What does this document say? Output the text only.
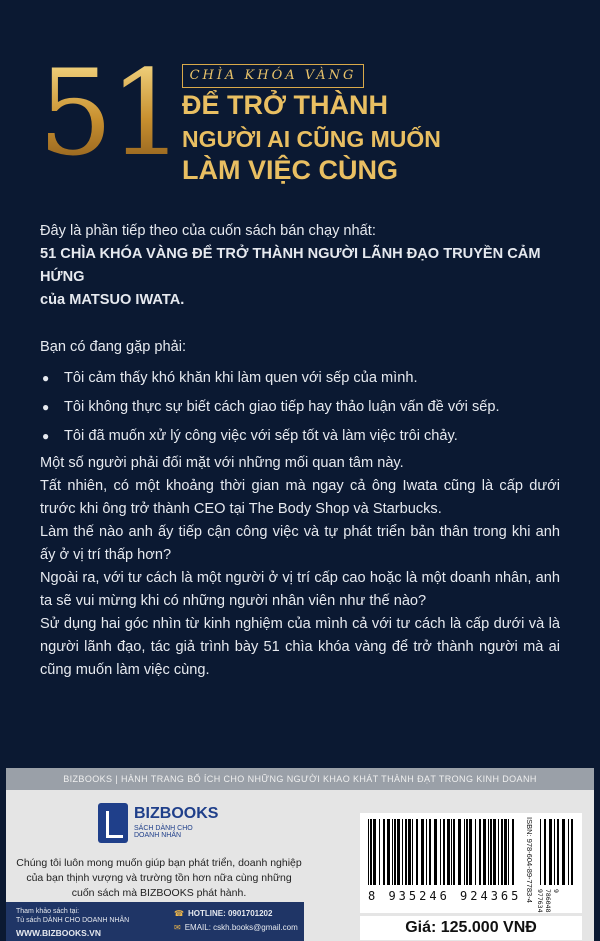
51 CHÌA KHÓA VÀNG
ĐỂ TRỞ THÀNH
NGƯỜI AI CŨNG MUỐN
LÀM VIỆC CÙNG

Đây là phần tiếp theo của cuốn sách bán chạy nhất:

51 CHÌA KHÓA VÀNG ĐỂ TRỞ THÀNH NGƯỜI LÃNH ĐẠO TRUYỀN CẢM HỨNG

của MATSUO IWATA.

Bạn có đang gặp phải:

● Tôi cảm thấy khó khăn khi làm quen với sếp của mình.
● Tôi không thực sự biết cách giao tiếp hay thảo luận vấn đề với sếp.
● Tôi đã muốn xử lý công việc với sếp tốt và làm việc trôi chảy.

Một số người phải đối mặt với những mối quan tâm này.

Tất nhiên, có một khoảng thời gian mà ngay cả ông Iwata cũng là cấp dưới trước khi ông trở thành CEO tại The Body Shop và Starbucks.

Làm thế nào anh ấy tiếp cận công việc và tự phát triển bản thân trong khi anh ấy ở vị trí thấp hơn?

Ngoài ra, với tư cách là một người ở vị trí cấp cao hoặc là một doanh nhân, anh ta sẽ vui mừng khi có những người nhân viên như thế nào?

Sử dụng hai góc nhìn từ kinh nghiệm của mình cả với tư cách là cấp dưới và là người lãnh đạo, tác giả trình bày 51 chìa khóa vàng để trở thành người mà ai cũng muốn làm việc cùng.

BIZBOOKS | HÀNH TRANG BỔ ÍCH CHO NHỮNG NGƯỜI KHAO KHÁT THÀNH ĐẠT TRONG KINH DOANH
BIZBOOKS
SÁCH DÀNH CHO DOANH NHÂN
Chúng tôi luôn mong muốn giúp bạn phát triển, doanh nghiệp của bạn thịnh vượng và trường tồn hơn nữa cùng những cuốn sách mà BIZBOOKS phát hành.
Tham khảo sách tại:
Tủ sách DÀNH CHO DOANH NHÂN
WWW.BIZBOOKS.VN
☎ HOTLINE: 0901701202
✉ EMAIL: cskh.books@gmail.com
8 935246 924365 ISBN: 978-604-89-7783-4	9 786048 977634
Giá: 125.000 VNĐ
